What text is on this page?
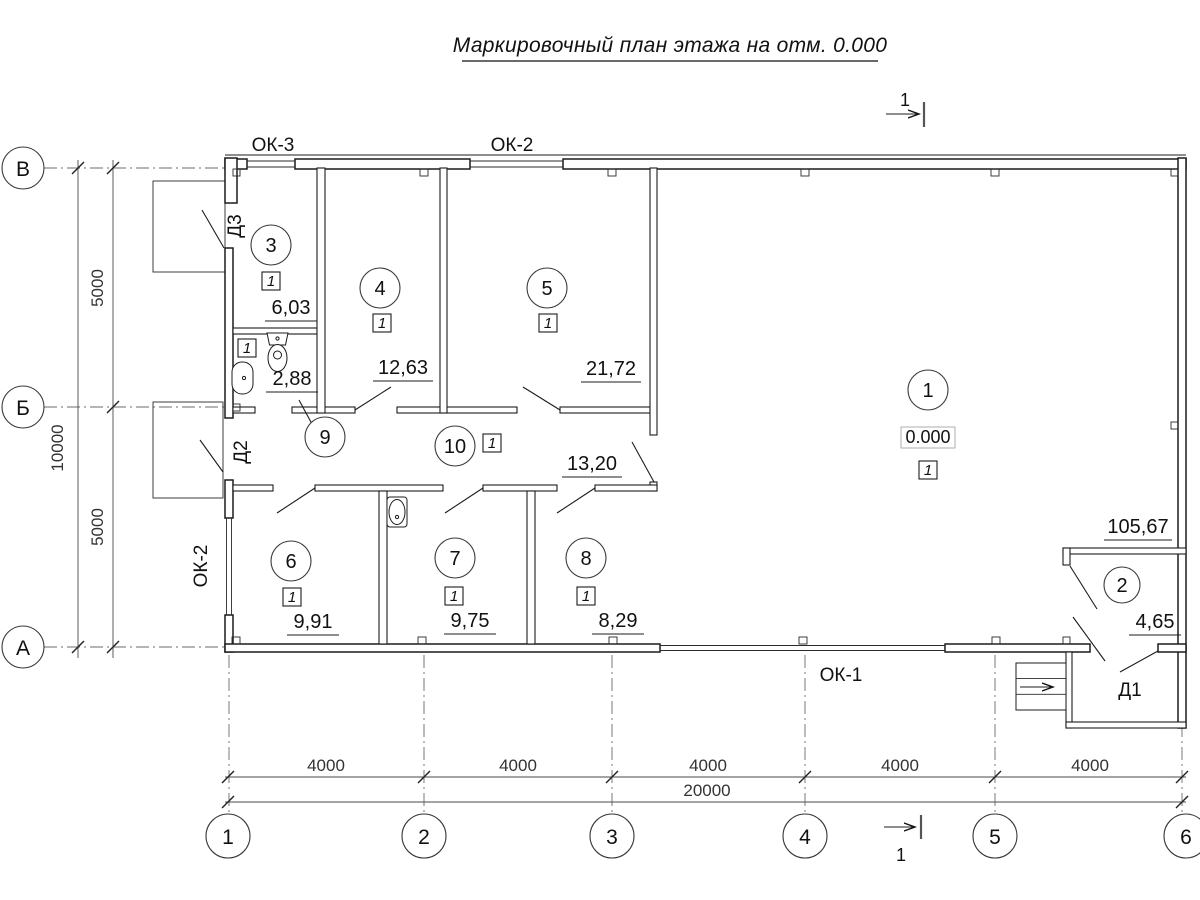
Маркировочный план этажа на отм. 0.000
1
ОК-3	ОК-2
ОК-1
ОК-2
Д3
Д2
Д1
1
2
3
4	5
6	7	8
9	10
105,67
4,65
6,03
12,63	21,72
9,91	9,75	8,29
2,88
13,20
0.000
1
1
1	1
1	1	1
1
1
5000
5000
10000
4000	4000	4000	4000	4000
20000
1
В
Б
А
1	2	3	4	5	6
